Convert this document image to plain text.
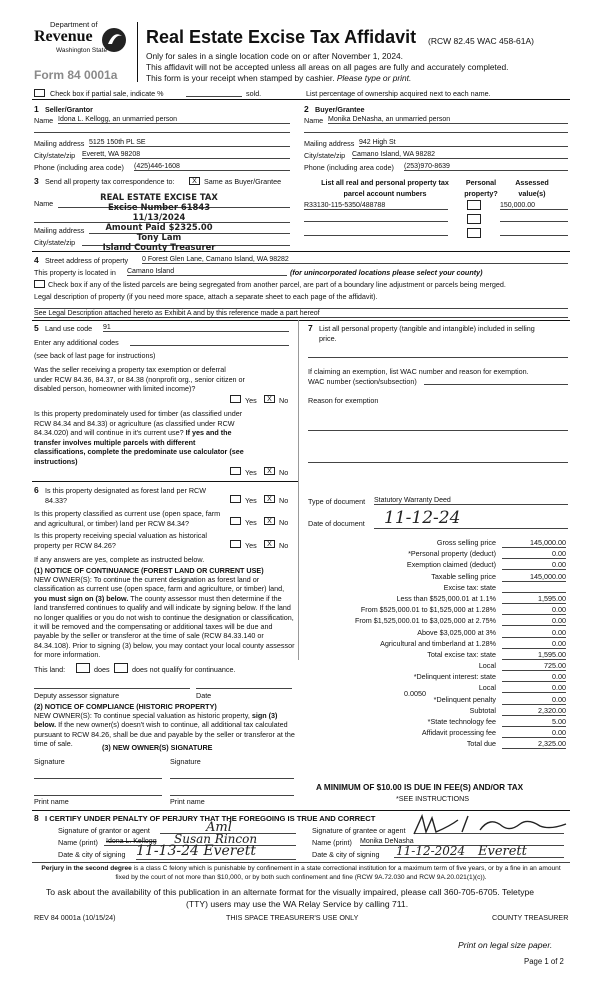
Department of
Revenue
Washington State
Form 84 0001a
Real Estate Excise Tax Affidavit (RCW 82.45 WAC 458-61A)
Only for sales in a single location code on or after November 1, 2024.
This affidavit will not be accepted unless all areas on all pages are fully and accurately completed.
This form is your receipt when stamped by cashier. Please type or print.
Check box if partial sale, indicate %	sold.	List percentage of ownership acquired next to each name.
1 Seller/Grantor
Name Idona L. Kellogg, an unmarried person
Mailing address 5125 150th PL SE
City/state/zip Everett, WA 98208
Phone (including area code) (425)446-1608
2 Buyer/Grantee
Name Monika DeNasha, an unmarried person
Mailing address 942 High St
City/state/zip Camano Island, WA 98282
Phone (including area code) (253)970-8639
3 Send all property tax correspondence to:	X Same as Buyer/Grantee
Name
Mailing address
City/state/zip
REAL ESTATE EXCISE TAX
Excise Number 61843
11/13/2024
Amount Paid $2325.00
Tony Lam
Island County Treasurer
List all real and personal property tax parcel account numbers
Personal property?
Assessed value(s)
R33130-115-5350/488788	150,000.00
4 Street address of property 0 Forest Glen Lane, Camano Island, WA 98282
This property is located in Camano Island	(for unincorporated locations please select your county)
Check box if any of the listed parcels are being segregated from another parcel, are part of a boundary line adjustment or parcels being merged.
Legal description of property (if you need more space, attach a separate sheet to each page of the affidavit).
See Legal Description attached hereto as Exhibit A and by this reference made a part hereof
5 Land use code 91
Enter any additional codes
(see back of last page for instructions)
Was the seller receiving a property tax exemption or deferral under RCW 84.36, 84.37, or 84.38 (nonprofit org., senior citizen or disabled person, homeowner with limited income)?
Yes	X No
Is this property predominately used for timber (as classified under RCW 84.34 and 84.33) or agriculture (as classified under RCW 84.34.020) and will continue in it's current use? If yes and the transfer involves multiple parcels with different classifications, complete the predominate use calculator (see instructions)
Yes	X No
7 List all personal property (tangible and intangible) included in selling price.
If claiming an exemption, list WAC number and reason for exemption.
WAC number (section/subsection)
Reason for exemption
6 Is this property designated as forest land per RCW 84.33?	Yes	X No
Is this property classified as current use (open space, farm and agricultural, or timber) land per RCW 84.34?	Yes	X No
Is this property receiving special valuation as historical property per RCW 84.26?	Yes	X No
If any answers are yes, complete as instructed below.
(1) NOTICE OF CONTINUANCE (FOREST LAND OR CURRENT USE)
NEW OWNER(S): To continue the current designation as forest land or classification as current use (open space, farm and agriculture, or timber) land, you must sign on (3) below. The county assessor must then determine if the land transferred continues to qualify and will indicate by signing below. If the land no longer qualifies or you do not wish to continue the designation or classification, it will be removed and the compensating or additional taxes will be due and payable by the seller or transferor at the time of sale (RCW 84.33.140 or 84.34.108). Prior to signing (3) below, you may contact your local county assessor for more information.
This land:	does	does not qualify for continuance.
Deputy assessor signature	Date
(2) NOTICE OF COMPLIANCE (HISTORIC PROPERTY)
NEW OWNER(S): To continue special valuation as historic property, sign (3) below. If the new owner(s) doesn't wish to continue, all additional tax calculated pursuant to RCW 84.26, shall be due and payable by the seller or transferor at the time of sale.	(3) NEW OWNER(S) SIGNATURE
Signature	Signature
Print name	Print name
Type of document Statutory Warranty Deed
Date of document	11-12-24
Gross selling price	145,000.00
*Personal property (deduct)	0.00
Exemption claimed (deduct)	0.00
Taxable selling price	145,000.00
Excise tax: state
Less than $525,000.01 at 1.1%	1,595.00
From $525,000.01 to $1,525,000 at 1.28%	0.00
From $1,525,000.01 to $3,025,000 at 2.75%	0.00
Above $3,025,000 at 3%	0.00
Agricultural and timberland at 1.28%	0.00
Total excise tax: state	1,595.00
Local	725.00
*Delinquent interest: state	0.00
Local	0.00
*Delinquent penalty	0.00
Subtotal	2,320.00
*State technology fee	5.00
Affidavit processing fee	0.00
Total due	2,325.00
0.0050
A MINIMUM OF $10.00 IS DUE IN FEE(S) AND/OR TAX
*SEE INSTRUCTIONS
8 I CERTIFY UNDER PENALTY OF PERJURY THAT THE FOREGOING IS TRUE AND CORRECT
Signature of grantor or agent	Aml
Name (print) Idona L. Kellogg Susan Rincon
Date & city of signing 11-13-24 Everett
Signature of grantee or agent
Name (print) Monika DeNasha
Date & city of signing 11-12-2024 Everett
Perjury in the second degree is a class C felony which is punishable by confinement in a state correctional institution for a maximum term of five years, or by a fine in an amount fixed by the court of not more than $10,000, or by both such confinement and fine (RCW 9A.72.030 and RCW 9A.20.021(1)(c)).
To ask about the availability of this publication in an alternate format for the visually impaired, please call 360-705-6705. Teletype
(TTY) users may use the WA Relay Service by calling 711.
REV 84 0001a (10/15/24)	THIS SPACE TREASURER'S USE ONLY	COUNTY TREASURER
Print on legal size paper.
Page 1 of 2
